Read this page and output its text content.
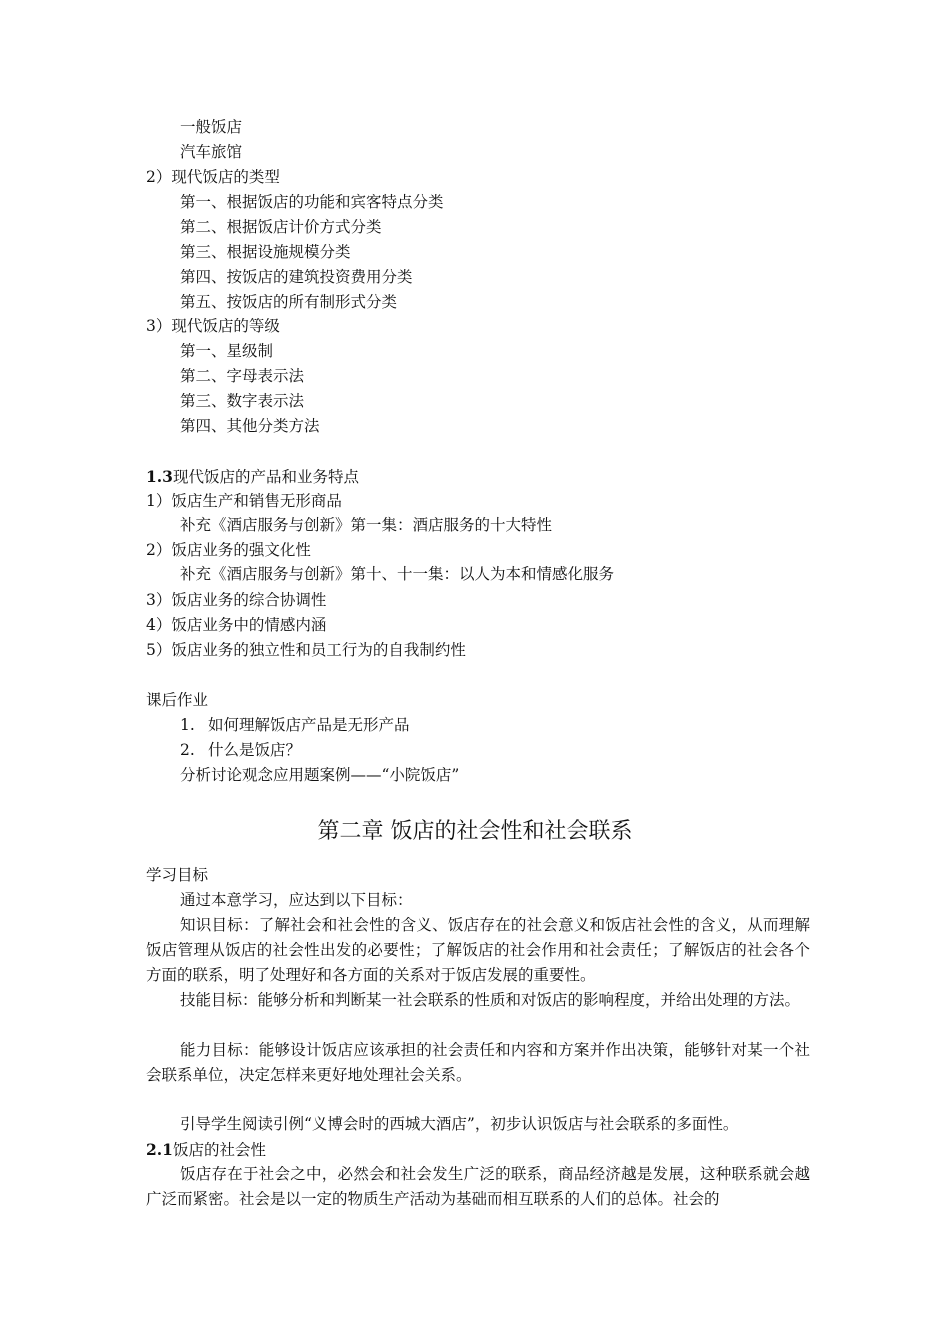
一般饭店
汽车旅馆
2）现代饭店的类型
第一、根据饭店的功能和宾客特点分类
第二、根据饭店计价方式分类
第三、根据设施规模分类
第四、按饭店的建筑投资费用分类
第五、按饭店的所有制形式分类
3）现代饭店的等级
第一、星级制
第二、字母表示法
第三、数字表示法
第四、其他分类方法
1.3现代饭店的产品和业务特点
1）饭店生产和销售无形商品
补充《酒店服务与创新》第一集：酒店服务的十大特性
2）饭店业务的强文化性
补充《酒店服务与创新》第十、十一集：以人为本和情感化服务
3）饭店业务的综合协调性
4）饭店业务中的情感内涵
5）饭店业务的独立性和员工行为的自我制约性
课后作业
1. 如何理解饭店产品是无形产品
2. 什么是饭店？
分析讨论观念应用题案例——“小院饭店”
第二章 饭店的社会性和社会联系
学习目标
通过本意学习，应达到以下目标：
知识目标：了解社会和社会性的含义、饭店存在的社会意义和饭店社会性的含义，从而理解饭店管理从饭店的社会性出发的必要性；了解饭店的社会作用和社会责任；了解饭店的社会各个方面的联系，明了处理好和各方面的关系对于饭店发展的重要性。
技能目标：能够分析和判断某一社会联系的性质和对饭店的影响程度，并给出处理的方法。
能力目标：能够设计饭店应该承担的社会责任和内容和方案并作出决策，能够针对某一个社会联系单位，决定怎样来更好地处理社会关系。
引导学生阅读引例“义博会时的西城大酒店”，初步认识饭店与社会联系的多面性。
2.1饭店的社会性
饭店存在于社会之中，必然会和社会发生广泛的联系，商品经济越是发展，这种联系就会越广泛而紧密。社会是以一定的物质生产活动为基础而相互联系的人们的总体。社会的
